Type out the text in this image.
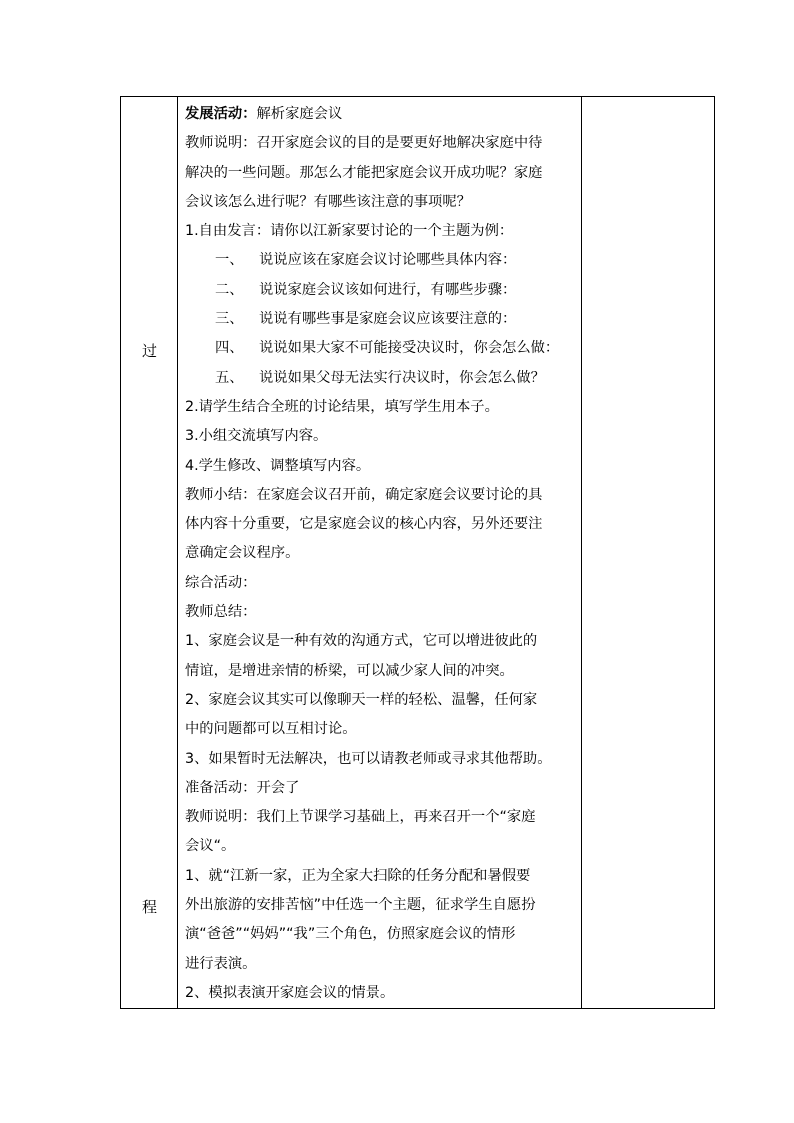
过
程

发展活动：解析家庭会议
教师说明：召开家庭会议的目的是要更好地解决家庭中待
解决的一些问题。那怎么才能把家庭会议开成功呢？家庭
会议该怎么进行呢？有哪些该注意的事项呢？
1.自由发言：请你以江新家要讨论的一个主题为例：
一、 说说应该在家庭会议讨论哪些具体内容：
二、 说说家庭会议该如何进行，有哪些步骤：
三、 说说有哪些事是家庭会议应该要注意的：
四、 说说如果大家不可能接受决议时，你会怎么做：
五、 说说如果父母无法实行决议时，你会怎么做？
2.请学生结合全班的讨论结果，填写学生用本子。
3.小组交流填写内容。
4.学生修改、调整填写内容。
教师小结：在家庭会议召开前，确定家庭会议要讨论的具
体内容十分重要，它是家庭会议的核心内容，另外还要注
意确定会议程序。
综合活动：
教师总结：
1、家庭会议是一种有效的沟通方式，它可以增进彼此的
情谊，是增进亲情的桥梁，可以减少家人间的冲突。
2、家庭会议其实可以像聊天一样的轻松、温馨，任何家
中的问题都可以互相讨论。
3、如果暂时无法解决，也可以请教老师或寻求其他帮助。
准备活动：开会了
教师说明：我们上节课学习基础上，再来召开一个“家庭
会议“。
1、就“江新一家，正为全家大扫除的任务分配和暑假要
外出旅游的安排苦恼”中任选一个主题，征求学生自愿扮
演“爸爸”“妈妈”“我”三个角色，仿照家庭会议的情形
进行表演。
2、模拟表演开家庭会议的情景。
